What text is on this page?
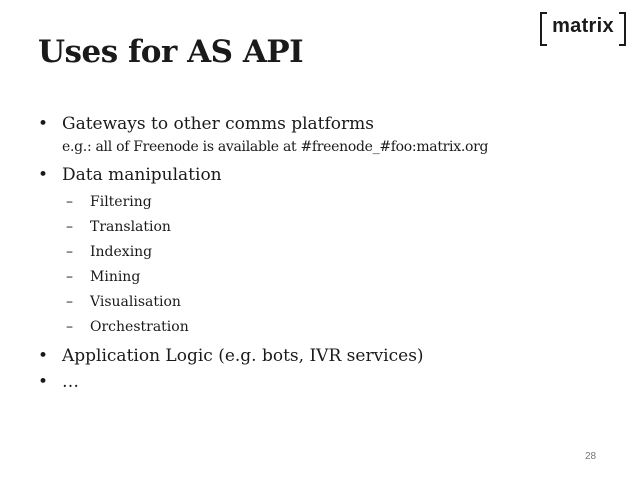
matrix
Uses for AS API
• Gateways to other comms platforms
e.g.: all of Freenode is available at #freenode_#foo:matrix.org
• Data manipulation
– Filtering
– Translation
– Indexing
– Mining
– Visualisation
– Orchestration
• Application Logic (e.g. bots, IVR services)
• …
28
